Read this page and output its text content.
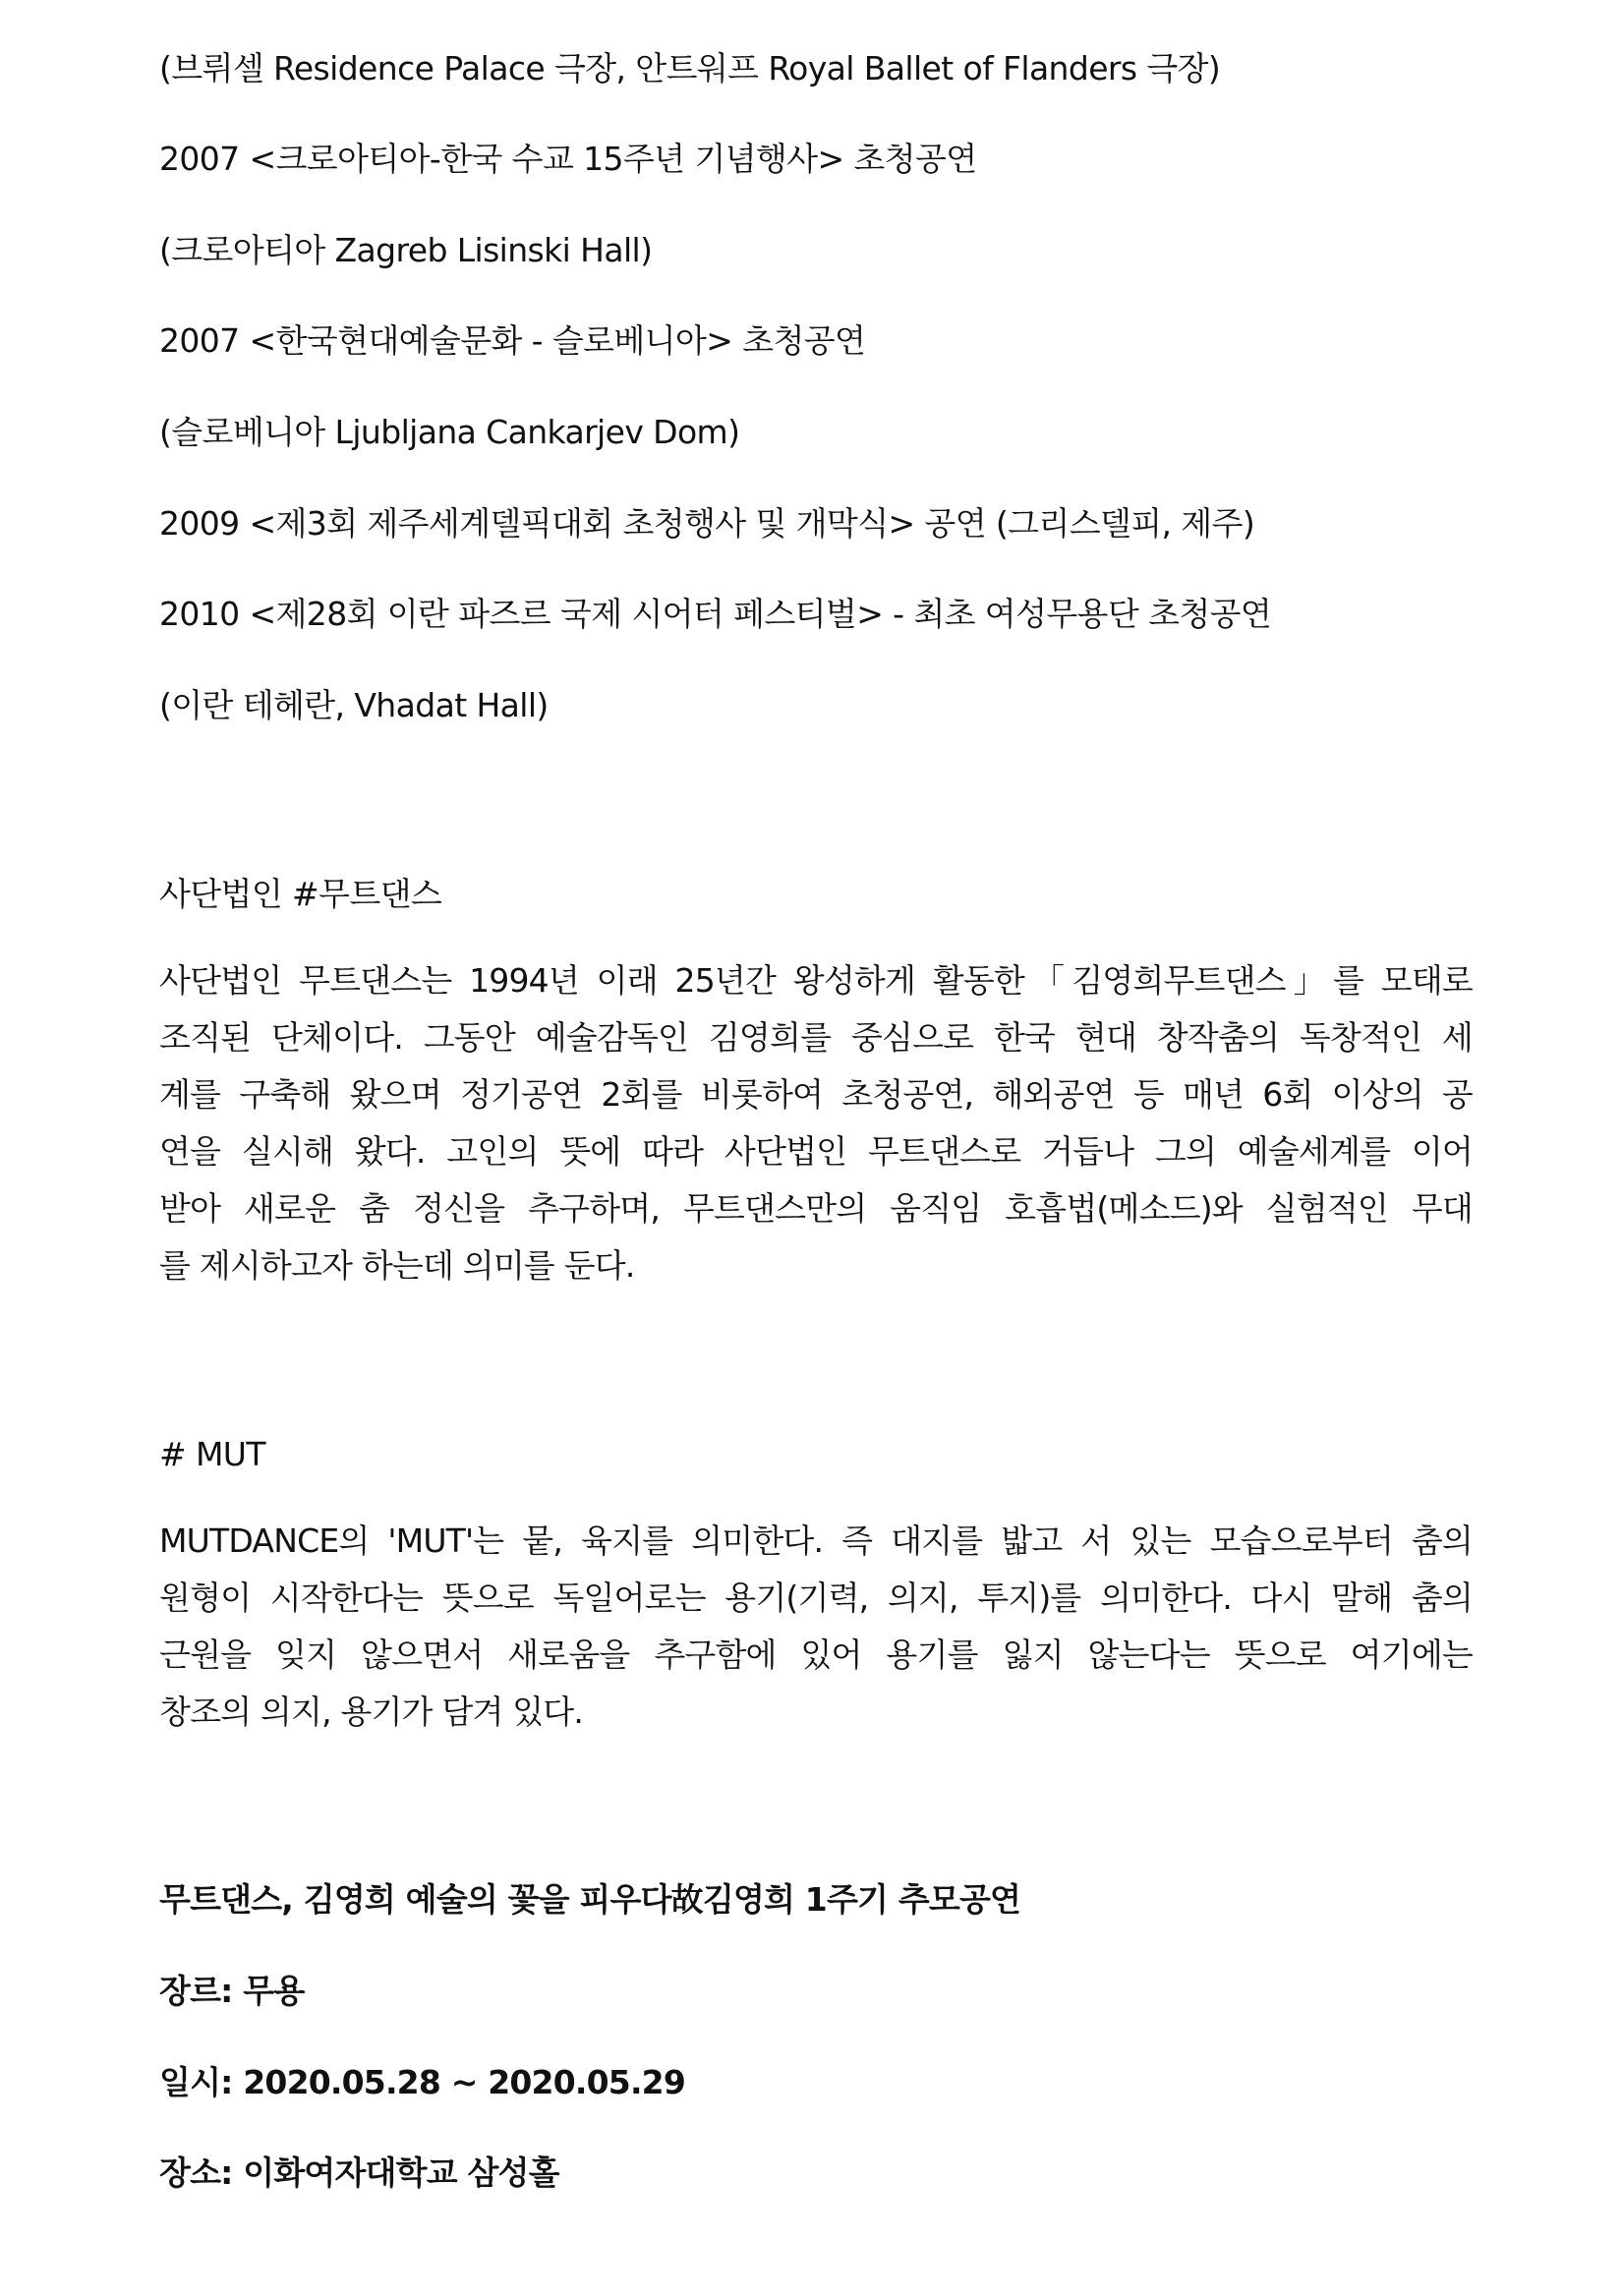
(브뤼셀 Residence Palace 극장, 안트워프 Royal Ballet of Flanders 극장)
2007 <크로아티아-한국 수교 15주년 기념행사> 초청공연
(크로아티아 Zagreb Lisinski Hall)
2007 <한국현대예술문화 - 슬로베니아> 초청공연
(슬로베니아 Ljubljana Cankarjev Dom)
2009 <제3회 제주세계델픽대회 초청행사 및 개막식> 공연 (그리스델피, 제주)
2010 <제28회 이란 파즈르 국제 시어터 페스티벌> - 최초 여성무용단 초청공연
(이란 테헤란, Vhadat Hall)
사단법인 #무트댄스
사단법인 무트댄스는 1994년 이래 25년간 왕성하게 활동한「김영희무트댄스」를 모태로
조직된 단체이다. 그동안 예술감독인 김영희를 중심으로 한국 현대 창작춤의 독창적인 세
계를 구축해 왔으며 정기공연 2회를 비롯하여 초청공연, 해외공연 등 매년 6회 이상의 공
연을 실시해 왔다. 고인의 뜻에 따라 사단법인 무트댄스로 거듭나 그의 예술세계를 이어
받아 새로운 춤 정신을 추구하며, 무트댄스만의 움직임 호흡법(메소드)와 실험적인 무대
를 제시하고자 하는데 의미를 둔다.
# MUT
MUTDANCE의 'MUT'는 뭍, 육지를 의미한다. 즉 대지를 밟고 서 있는 모습으로부터 춤의
원형이 시작한다는 뜻으로 독일어로는 용기(기력, 의지, 투지)를 의미한다. 다시 말해 춤의
근원을 잊지 않으면서 새로움을 추구함에 있어 용기를 잃지 않는다는 뜻으로 여기에는
창조의 의지, 용기가 담겨 있다.
무트댄스, 김영희 예술의 꽃을 피우다故김영희 1주기 추모공연
장르: 무용
일시: 2020.05.28 ~ 2020.05.29
장소: 이화여자대학교 삼성홀
